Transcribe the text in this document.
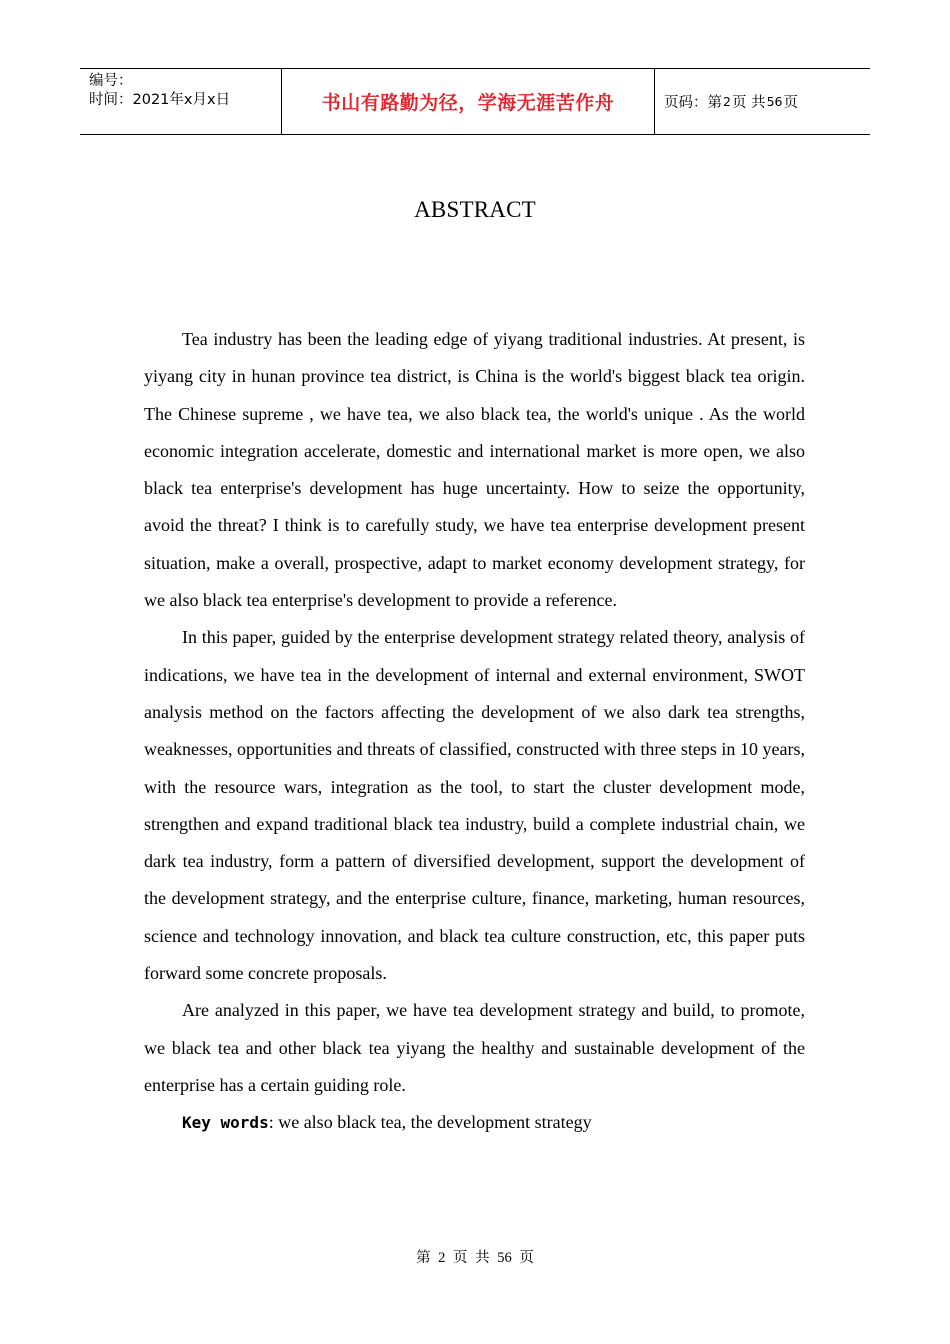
编号：
时间：2021年x月x日	书山有路勤为径，学海无涯苦作舟	页码：第 2 页 共 56 页
ABSTRACT

Tea industry has been the leading edge of yiyang traditional industries. At present, is yiyang city in hunan province tea district, is China is the world's biggest black tea origin. The Chinese supreme , we have tea, we also black tea, the world's unique . As the world economic integration accelerate, domestic and international market is more open, we also black tea enterprise's development has huge uncertainty. How to seize the opportunity, avoid the threat? I think is to carefully study, we have tea enterprise development present situation, make a overall, prospective, adapt to market economy development strategy, for we also black tea enterprise's development to provide a reference.

In this paper, guided by the enterprise development strategy related theory, analysis of indications, we have tea in the development of internal and external environment, SWOT analysis method on the factors affecting the development of we also dark tea strengths, weaknesses, opportunities and threats of classified, constructed with three steps in 10 years, with the resource wars, integration as the tool, to start the cluster development mode, strengthen and expand traditional black tea industry, build a complete industrial chain, we dark tea industry, form a pattern of diversified development, support the development of the development strategy, and the enterprise culture, finance, marketing, human resources, science and technology innovation, and black tea culture construction, etc, this paper puts forward some concrete proposals.

Are analyzed in this paper, we have tea development strategy and build, to promote, we black tea and other black tea yiyang the healthy and sustainable development of the enterprise has a certain guiding role.

Key words: we also black tea, the development strategy

第 2 页 共 56 页
